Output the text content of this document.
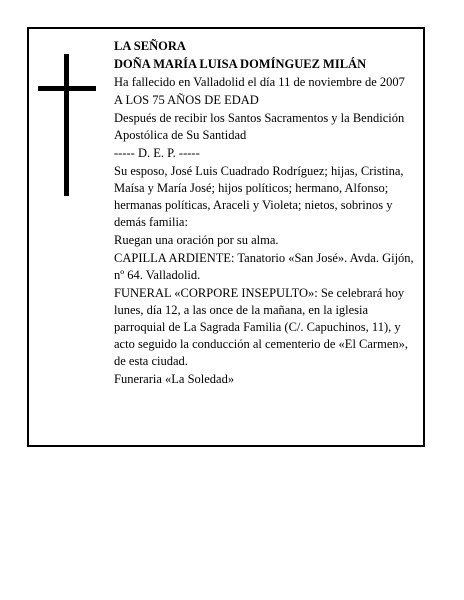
LA SEÑORA

DOÑA MARÍA LUISA DOMÍNGUEZ MILÁN

Ha fallecido en Valladolid el día 11 de noviembre de 2007

A LOS 75 AÑOS DE EDAD

Después de recibir los Santos Sacramentos y la Bendición Apostólica de Su Santidad

----- D. E. P. -----

Su esposo, José Luis Cuadrado Rodríguez; hijas, Cristina, Maísa y María José; hijos políticos; hermano, Alfonso; hermanas políticas, Araceli y Violeta; nietos, sobrinos y demás familia:

Ruegan una oración por su alma.

CAPILLA ARDIENTE: Tanatorio «San José». Avda. Gijón, nº 64. Valladolid.

FUNERAL «CORPORE INSEPULTO»: Se celebrará hoy lunes, día 12, a las once de la mañana, en la iglesia parroquial de La Sagrada Familia (C/. Capuchinos, 11), y acto seguido la conducción al cementerio de «El Carmen», de esta ciudad.

Funeraria «La Soledad»
